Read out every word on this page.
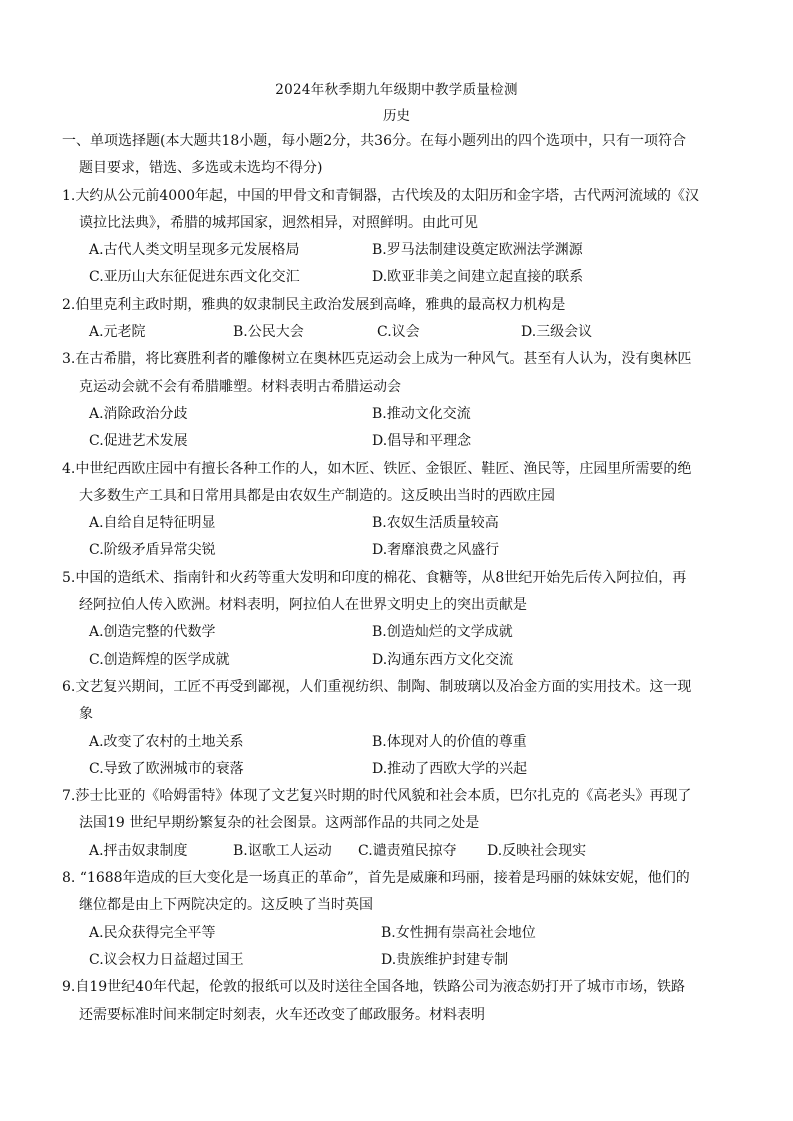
2024年秋季期九年级期中教学质量检测
历史
一、单项选择题(本大题共18小题，每小题2分，共36分。在每小题列出的四个选项中，只有一项符合
题目要求，错选、多选或未选均不得分)
1.大约从公元前4000年起，中国的甲骨文和青铜器，古代埃及的太阳历和金字塔，古代两河流域的《汉
谟拉比法典》，希腊的城邦国家，迥然相异，对照鲜明。由此可见
A.古代人类文明呈现多元发展格局	B.罗马法制建设奠定欧洲法学渊源
C.亚历山大东征促进东西文化交汇	D.欧亚非美之间建立起直接的联系
2.伯里克利主政时期，雅典的奴隶制民主政治发展到高峰，雅典的最高权力机构是
A.元老院	B.公民大会	C.议会	D.三级会议
3.在古希腊，将比赛胜利者的雕像树立在奥林匹克运动会上成为一种风气。甚至有人认为，没有奥林匹
克运动会就不会有希腊雕塑。材料表明古希腊运动会
A.消除政治分歧	B.推动文化交流
C.促进艺术发展	D.倡导和平理念
4.中世纪西欧庄园中有擅长各种工作的人，如木匠、铁匠、金银匠、鞋匠、渔民等，庄园里所需要的绝
大多数生产工具和日常用具都是由农奴生产制造的。这反映出当时的西欧庄园
A.自给自足特征明显	B.农奴生活质量较高
C.阶级矛盾异常尖锐	D.奢靡浪费之风盛行
5.中国的造纸术、指南针和火药等重大发明和印度的棉花、食糖等，从8世纪开始先后传入阿拉伯，再
经阿拉伯人传入欧洲。材料表明，阿拉伯人在世界文明史上的突出贡献是
A.创造完整的代数学	B.创造灿烂的文学成就
C.创造辉煌的医学成就	D.沟通东西方文化交流
6.文艺复兴期间，工匠不再受到鄙视，人们重视纺织、制陶、制玻璃以及冶金方面的实用技术。这一现
象
A.改变了农村的土地关系	B.体现对人的价值的尊重
C.导致了欧洲城市的衰落	D.推动了西欧大学的兴起
7.莎士比亚的《哈姆雷特》体现了文艺复兴时期的时代风貌和社会本质，巴尔扎克的《高老头》再现了
法国19 世纪早期纷繁复杂的社会图景。这两部作品的共同之处是
A.抨击奴隶制度	B.讴歌工人运动	C.谴责殖民掠夺	D.反映社会现实
8. “1688年造成的巨大变化是一场真正的革命”，首先是威廉和玛丽，接着是玛丽的妹妹安妮，他们的
继位都是由上下两院决定的。这反映了当时英国
A.民众获得完全平等	B.女性拥有崇高社会地位
C.议会权力日益超过国王	D.贵族维护封建专制
9.自19世纪40年代起，伦敦的报纸可以及时送往全国各地，铁路公司为液态奶打开了城市市场，铁路
还需要标准时间来制定时刻表，火车还改变了邮政服务。材料表明
